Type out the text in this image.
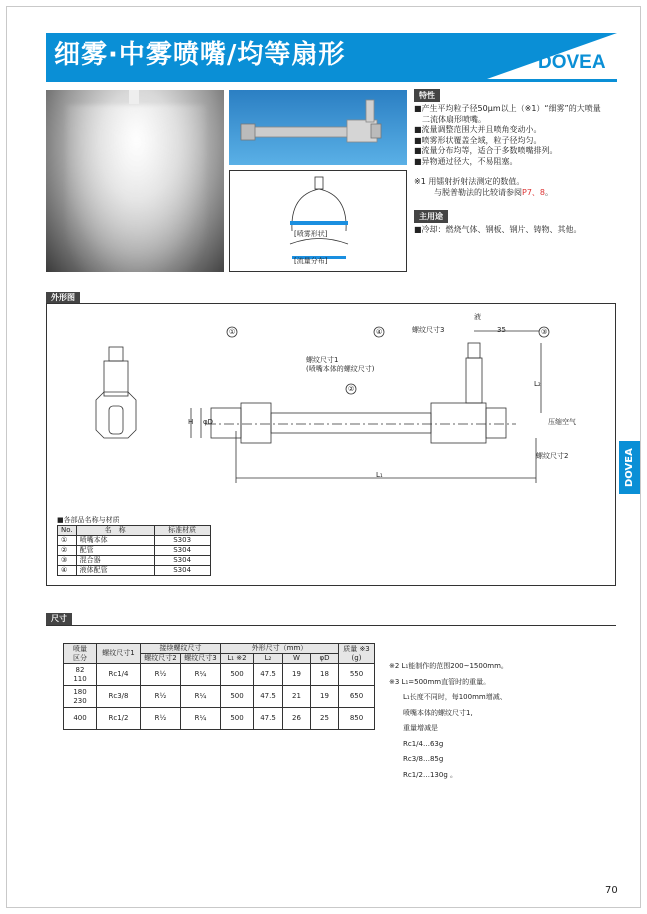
细雾·中雾喷嘴/均等扇形	DOVEA
[喷雾形状]
[流量分布]
特性
■产生平均粒子径50μm以上（※1）“细雾”的大喷量
　二流体扇形喷嘴。
■流量调整范围大并且喷角变动小。
■喷雾形状覆盖全域，粒子径均匀。
■流量分布均等，适合于多数喷嘴排列。
■异物通过径大，不易阻塞。
※1 用镭射折射法测定的数值。
与脱普勒法的比较请参阅P7、8。
主用途
■冷却：燃烧气体、钢板、钢片、铸物、其他。
外形图
①	④	③
②
液
螺纹尺寸3	35
螺纹尺寸1
(喷嘴本体的螺纹尺寸)
H φD	压缩空气
螺纹尺寸2
L₁
L₂
■各部品名称与材质
No.	名　称	标准材质
①	喷嘴本体	S303
②	配管	S304
③	混合器	S304
④	液体配管	S304
DOVEA
尺寸
喷量
区分	螺纹尺寸1	接续螺纹尺寸		外形尺寸（mm）				质量 ※3
(g)
		螺纹尺寸2	螺纹尺寸3	L₁ ※2	L₂	W	φD	
82
110	Rc1/4	R½	R¼	500	47.5	19	18	550
180
230	Rc3/8	R½	R¼	500	47.5	21	19	650
400	Rc1/2	R½	R¼	500	47.5	26	25	850
※2 L₁能制作的范围200~1500mm。
※3 L₁=500mm直管时的重量。
　　L₁长度不同时，每100mm增减、
　　喷嘴本体的螺纹尺寸1,
　　重量增减是
　　Rc1/4…63g
　　Rc3/8…85g
　　Rc1/2…130g 。
70
